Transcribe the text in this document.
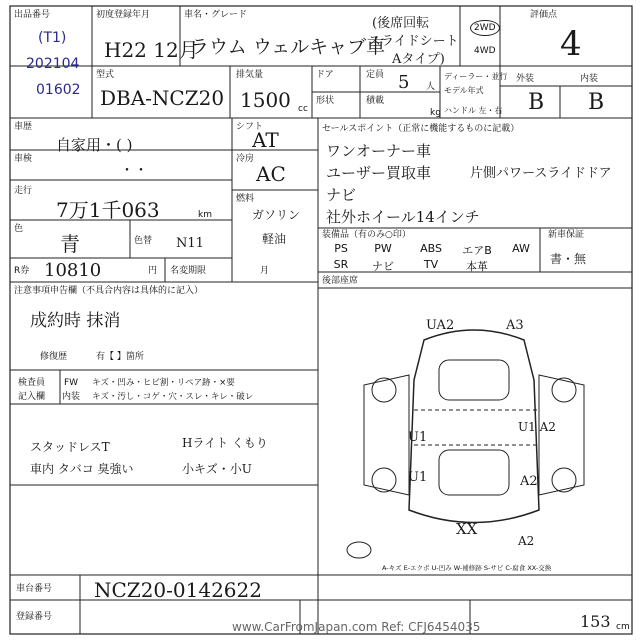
出品番号
(T1)
202104
01602
初度登録年月
H22 12月
車名・グレード
ラウム ウェルキャブ車
(後席回転
スライドシート
Aタイプ)
2WD
4WD
評価点
4
型式
DBA-NCZ20
排気量
1500 cc
ドア
形状
定員 5 人
積載
kg
ディーラー・並行
モデル年式
ハンドル 左・右
外装	内装
B B
車歴
自家用・( )
車検
・・
走行
7万1千063	km
色
青	色替 N11
R券 10810	円 名変期限	月
シフト
AT
冷房
AC
燃料
ガソリン
軽油
セールスポイント（正常に機能するものに記載）
ワンオーナー車
ユーザー買取車
ナビ
社外ホイール14インチ
片側パワースライドドア
装備品（有のみ○印）	新車保証
書・無
PS	PW	ABS	エアB	AW
SR	ナビ	TV	本革
後部座席
注意事項申告欄（不具合内容は具体的に記入）
成約時 抹消
修復歴	有【 】箇所
検査員
記入欄
FW キズ・凹み・ヒビ割・リペア跡・×要
内装 キズ・汚し・コゲ・穴・スレ・キレ・破レ
スタッドレスT
車内 タバコ 臭強い
Hライト くもり
小キズ・小U
UA2	A3
U1
U1
U1 A2
A2
XX
A2
A-キズ E-エクボ U-凹み W-補修跡 S-サビ C-腐食 XX-交換
車台番号 NCZ20-0142622
登録番号
www.CarFromJapan.com Ref: CFJ6454035	153 cm
